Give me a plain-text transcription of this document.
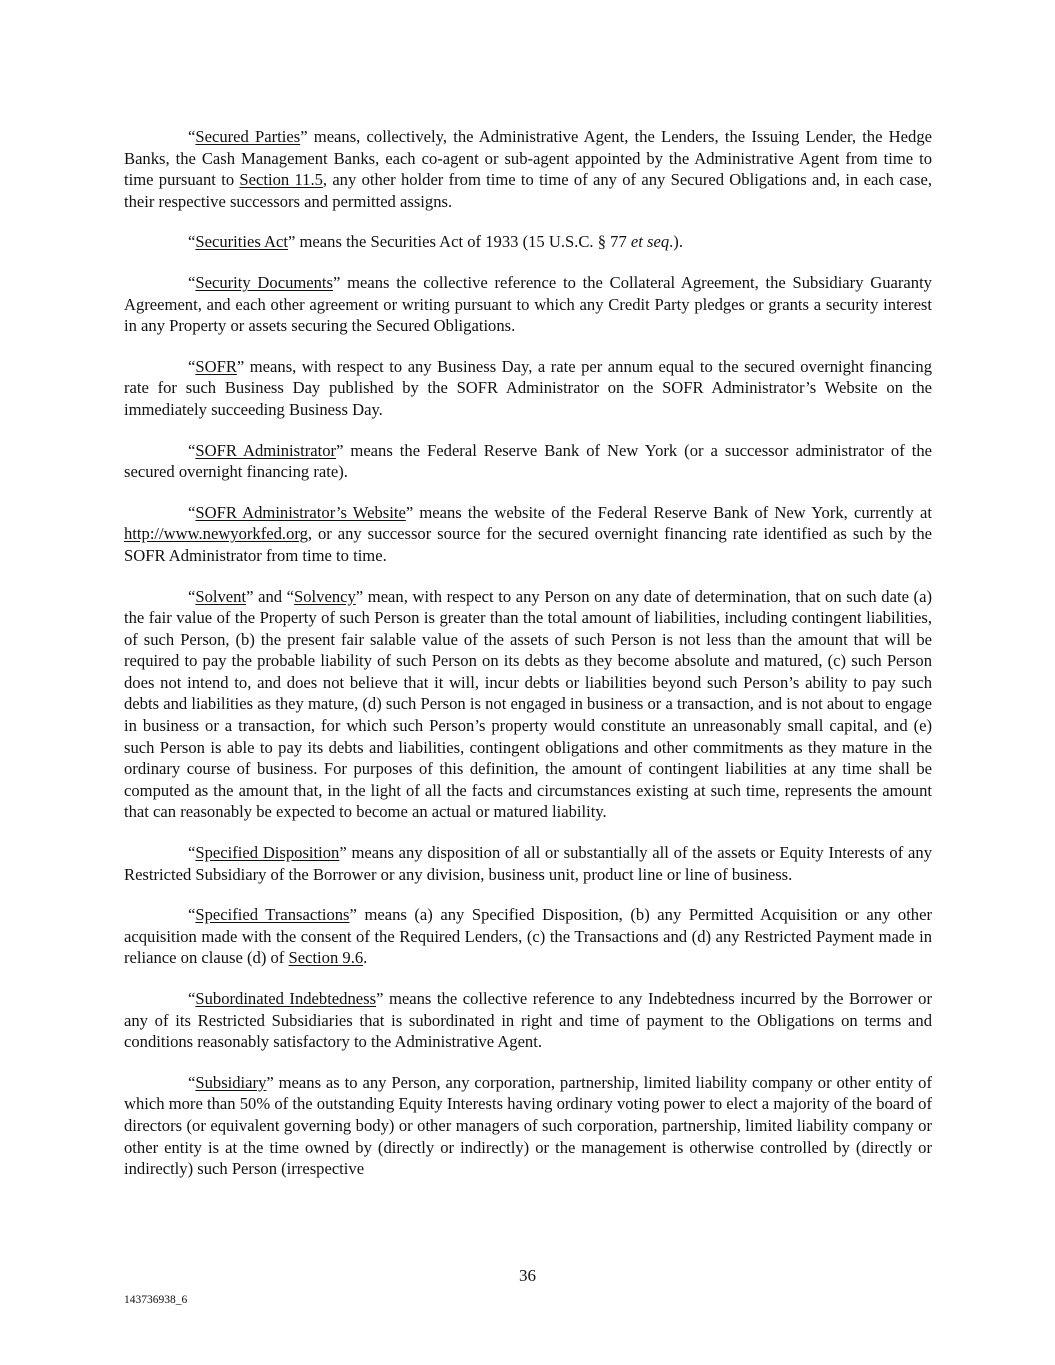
“Secured Parties” means, collectively, the Administrative Agent, the Lenders, the Issuing Lender, the Hedge Banks, the Cash Management Banks, each co-agent or sub-agent appointed by the Administrative Agent from time to time pursuant to Section 11.5, any other holder from time to time of any of any Secured Obligations and, in each case, their respective successors and permitted assigns.

“Securities Act” means the Securities Act of 1933 (15 U.S.C. § 77 et seq.).

“Security Documents” means the collective reference to the Collateral Agreement, the Subsidiary Guaranty Agreement, and each other agreement or writing pursuant to which any Credit Party pledges or grants a security interest in any Property or assets securing the Secured Obligations.

“SOFR” means, with respect to any Business Day, a rate per annum equal to the secured overnight financing rate for such Business Day published by the SOFR Administrator on the SOFR Administrator’s Website on the immediately succeeding Business Day.

“SOFR Administrator” means the Federal Reserve Bank of New York (or a successor administrator of the secured overnight financing rate).

“SOFR Administrator’s Website” means the website of the Federal Reserve Bank of New York, currently at http://www.newyorkfed.org, or any successor source for the secured overnight financing rate identified as such by the SOFR Administrator from time to time.

“Solvent” and “Solvency” mean, with respect to any Person on any date of determination, that on such date (a) the fair value of the Property of such Person is greater than the total amount of liabilities, including contingent liabilities, of such Person, (b) the present fair salable value of the assets of such Person is not less than the amount that will be required to pay the probable liability of such Person on its debts as they become absolute and matured, (c) such Person does not intend to, and does not believe that it will, incur debts or liabilities beyond such Person’s ability to pay such debts and liabilities as they mature, (d) such Person is not engaged in business or a transaction, and is not about to engage in business or a transaction, for which such Person’s property would constitute an unreasonably small capital, and (e) such Person is able to pay its debts and liabilities, contingent obligations and other commitments as they mature in the ordinary course of business. For purposes of this definition, the amount of contingent liabilities at any time shall be computed as the amount that, in the light of all the facts and circumstances existing at such time, represents the amount that can reasonably be expected to become an actual or matured liability.

“Specified Disposition” means any disposition of all or substantially all of the assets or Equity Interests of any Restricted Subsidiary of the Borrower or any division, business unit, product line or line of business.

“Specified Transactions” means (a) any Specified Disposition, (b) any Permitted Acquisition or any other acquisition made with the consent of the Required Lenders, (c) the Transactions and (d) any Restricted Payment made in reliance on clause (d) of Section 9.6.

“Subordinated Indebtedness” means the collective reference to any Indebtedness incurred by the Borrower or any of its Restricted Subsidiaries that is subordinated in right and time of payment to the Obligations on terms and conditions reasonably satisfactory to the Administrative Agent.

“Subsidiary” means as to any Person, any corporation, partnership, limited liability company or other entity of which more than 50% of the outstanding Equity Interests having ordinary voting power to elect a majority of the board of directors (or equivalent governing body) or other managers of such corporation, partnership, limited liability company or other entity is at the time owned by (directly or indirectly) or the management is otherwise controlled by (directly or indirectly) such Person (irrespective

36
143736938_6
